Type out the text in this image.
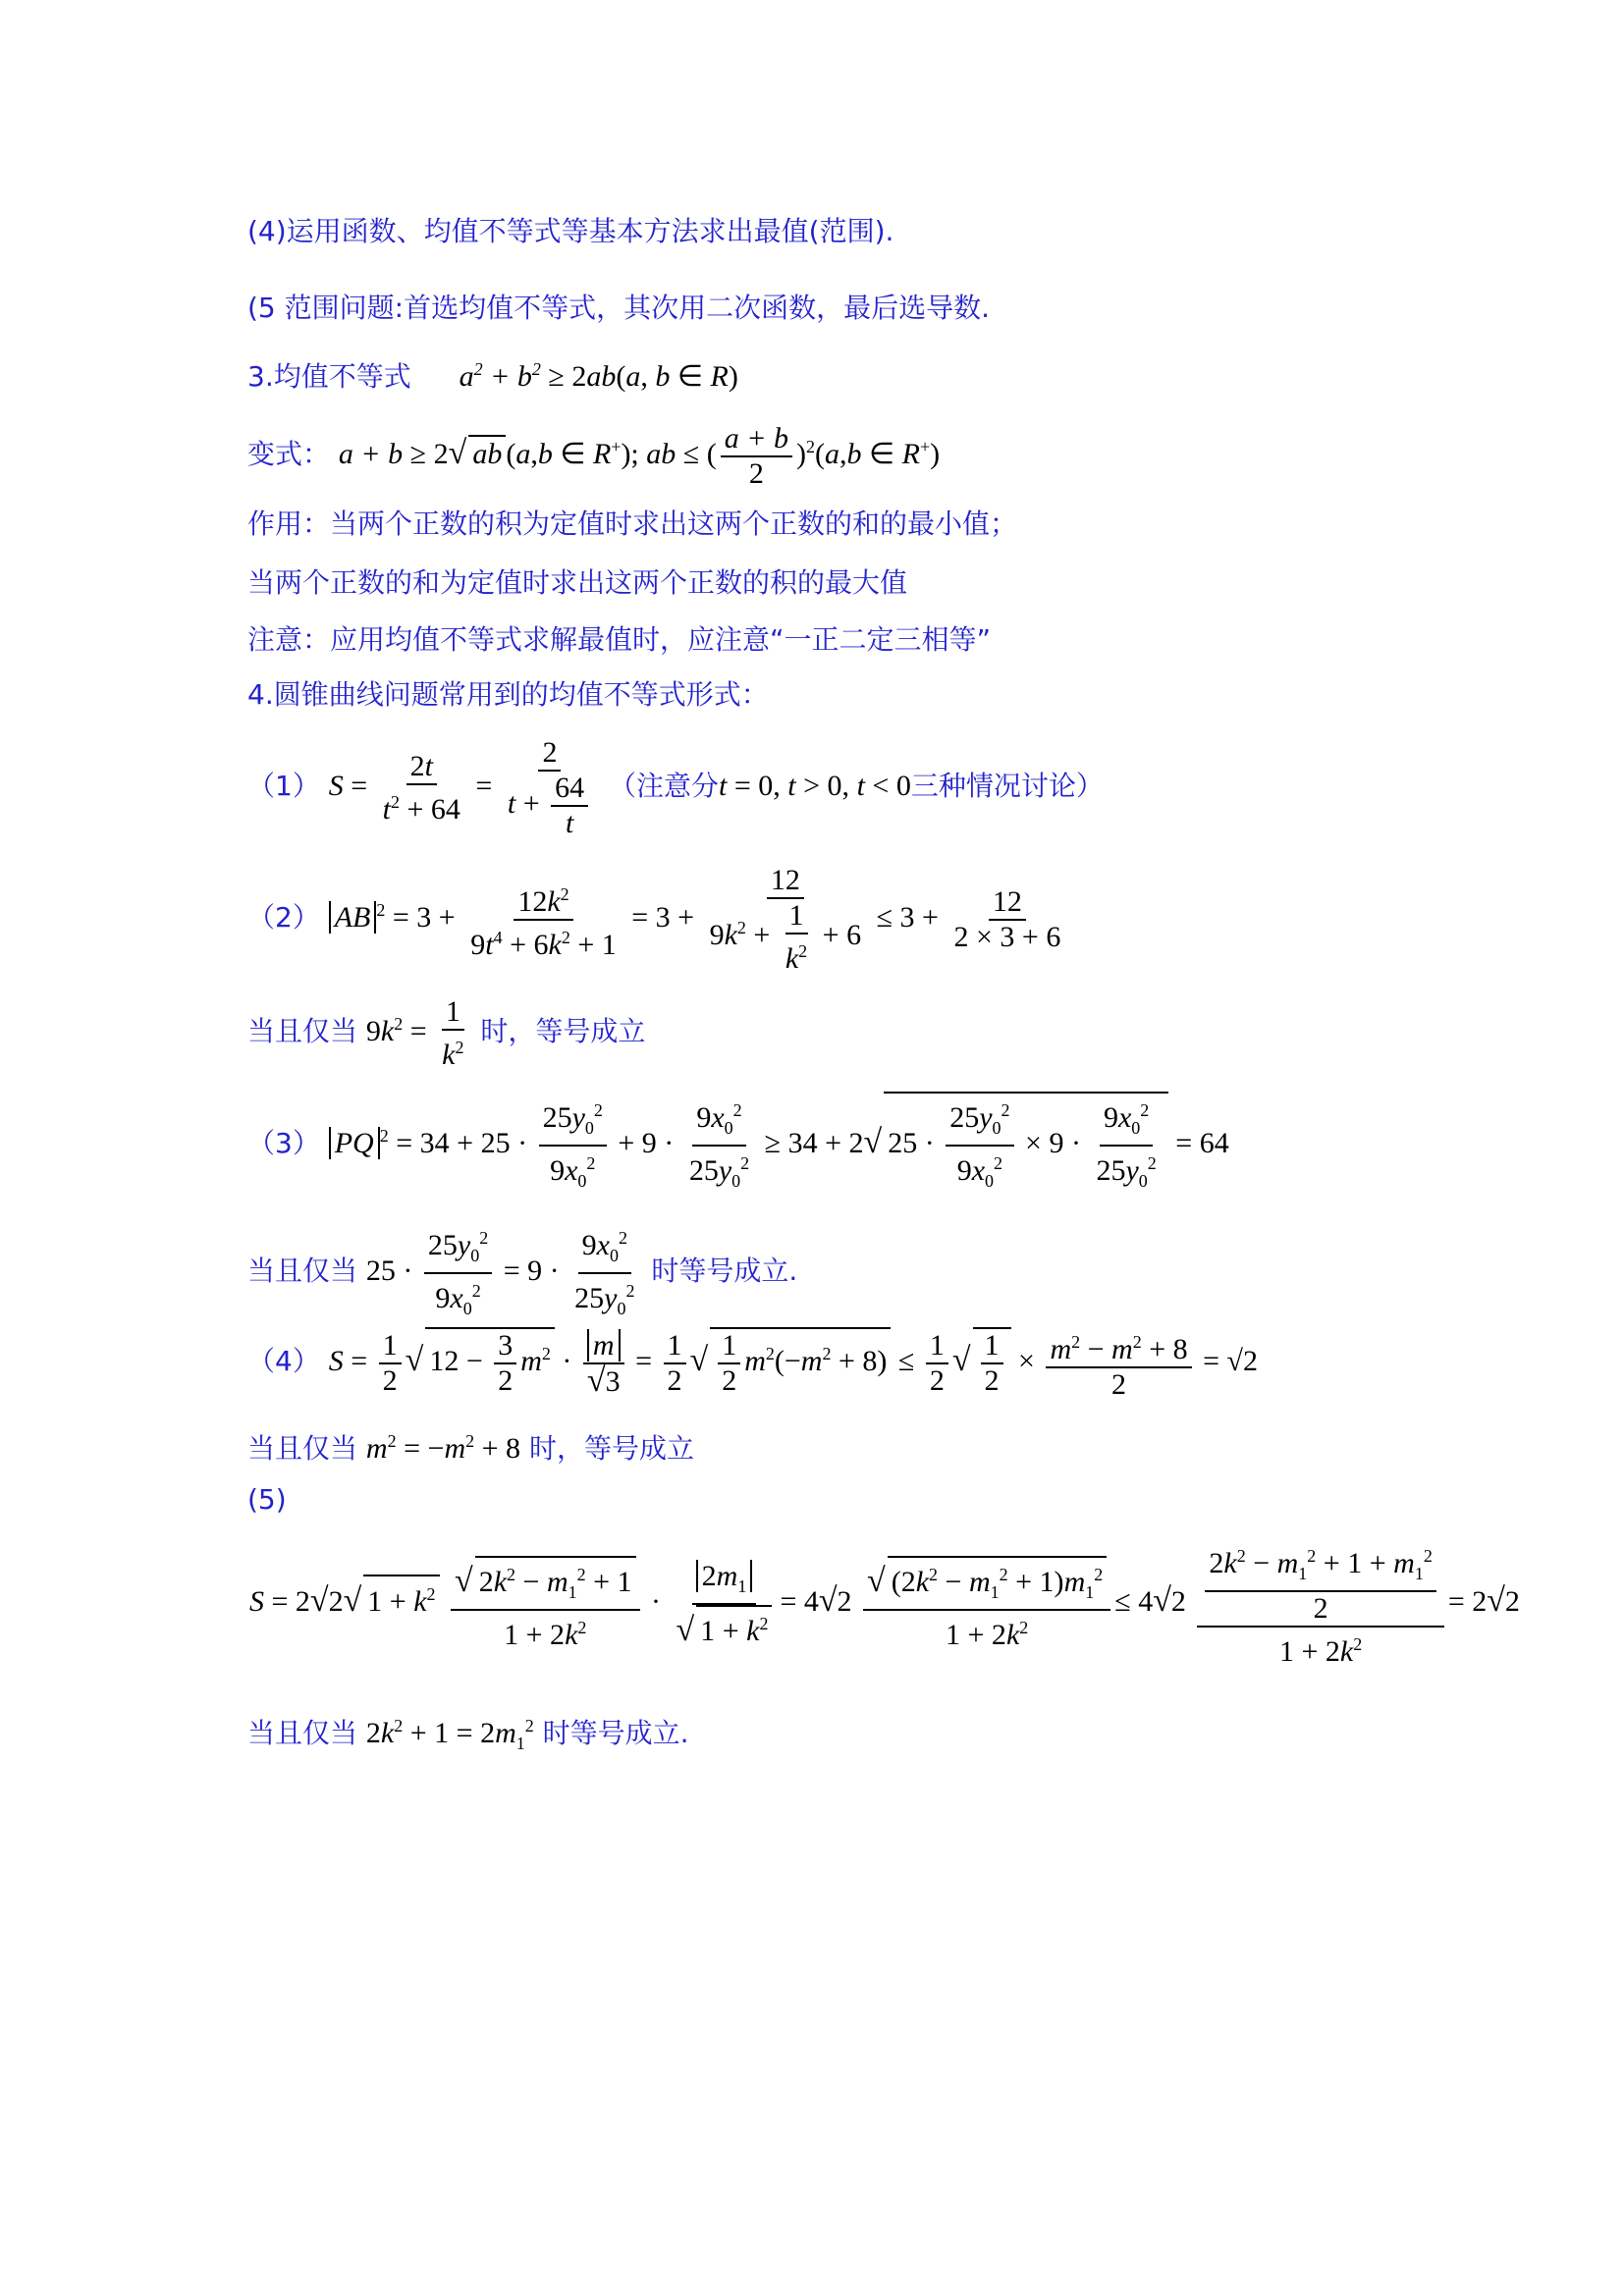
(4)运用函数、均值不等式等基本方法求出最值(范围).
(5 范围问题:首选均值不等式，其次用二次函数，最后选导数.
3.均值不等式 $a^2 + b^2 \ge 2ab(a$, b ∈ R)
变式： a + b ≥ 2√ ab (a,b ∈ R+); ab ≤ ( $\frac{a + b}{2} )^2(a,b$ ∈ R+)
作用：当两个正数的积为定值时求出这两个正数的和的最小值；
当两个正数的和为定值时求出这两个正数的积的最大值
注意：应用均值不等式求解最值时，应注意“一正二定三相等”
4.圆锥曲线问题常用到的均值不等式形式：
（1） $S = \frac{2t}{t^2 + 64} = \frac{2}{t + \frac{64}{t}}$ （注意分t = 0, t > 0, t < 0三种情况讨论）
（2） AB $^2 = 3 + \frac{12k^2}{9t^4 + 6k^2 + 1} = 3 + \frac{12}{9k^2 + \frac{1}{k^2} + 6} \le 3 + \frac{12}{2 \times 3 + 6}$
当且仅当 $9k^2 = \frac{1}{k^2}$ 时，等号成立
（3） PQ $^2 = 34 + 25 \cdot \frac{25y_0^2}{9x_0^2} + 9 \cdot \frac{9x_0^2}{25y_0^2} \ge 34 + 2√$ $25 \cdot \frac{25y_0^2}{9x_0^2} \times 9 \cdot \frac{9x_0^2}{25y_0^2} = 64$
当且仅当 $25 \cdot \frac{25y_0^2}{9x_0^2} = 9 \cdot \frac{9x_0^2}{25y_0^2}$ 时等号成立.
（4） $S = \frac{1}{2}$ √ $12 - \frac{3}{2} m^2 \cdot \frac{m}{√3} = \frac{1}{2}$ √ $\frac{1}{2} m^2(-m^2 + 8) \le \frac{1}{2}$ √ $\frac{1}{2} \times \frac{m^2 - m^2 + 8}{2} = √2$
当且仅当 $m^2 = -m^2 + 8$ 时，等号成立
(5)
S = 2√2√ $1 + k^2 \frac{√ 2k^2 - m_1^2 + 1}{1 + 2k^2} \cdot \frac{2m_1}{√ 1 + k^2} = 4√2 \frac{√ (2k^2 - m_1^2 + 1)m_1^2}{1 + 2k^2} \le 4√2 \frac{\frac{2k^2 - m_1^2 + 1 + m_1^2}{2}}{1 + 2k^2} = 2√2$
当且仅当 $2k^2 + 1 = 2m_1^2$ 时等号成立.
